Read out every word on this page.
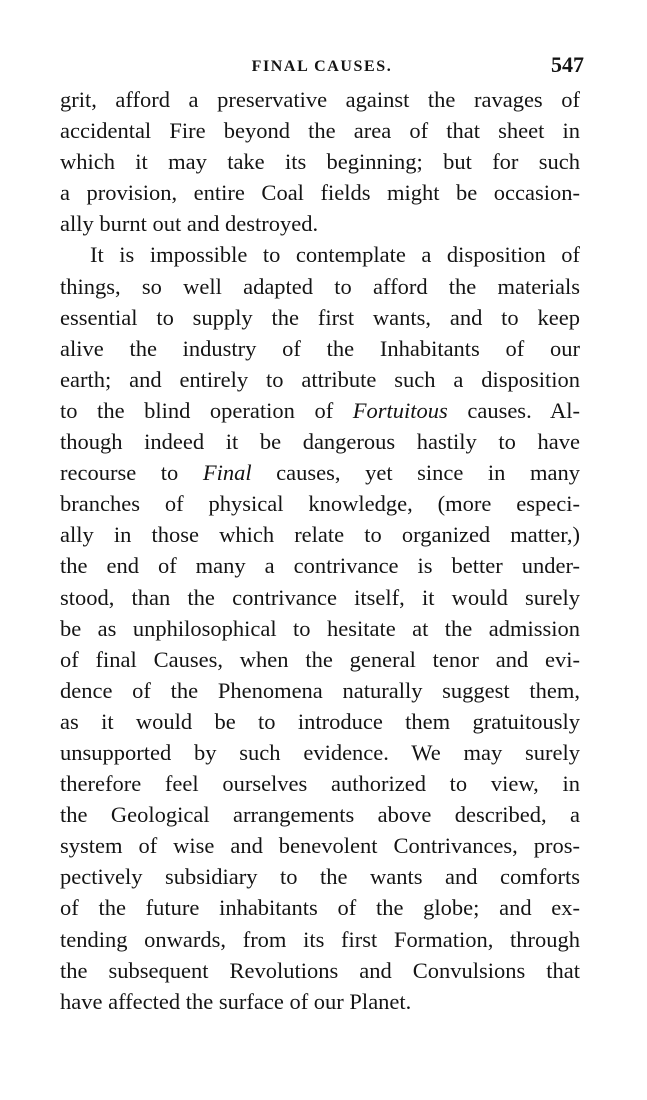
FINAL CAUSES.	547
grit, afford a preservative against the ravages of
accidental Fire beyond the area of that sheet in
which it may take its beginning; but for such
a provision, entire Coal fields might be occasion-
ally burnt out and destroyed.
It is impossible to contemplate a disposition of
things, so well adapted to afford the materials
essential to supply the first wants, and to keep
alive the industry of the Inhabitants of our
earth; and entirely to attribute such a disposition
to the blind operation of Fortuitous causes. Al-
though indeed it be dangerous hastily to have
recourse to Final causes, yet since in many
branches of physical knowledge, (more especi-
ally in those which relate to organized matter,)
the end of many a contrivance is better under-
stood, than the contrivance itself, it would surely
be as unphilosophical to hesitate at the admission
of final Causes, when the general tenor and evi-
dence of the Phenomena naturally suggest them,
as it would be to introduce them gratuitously
unsupported by such evidence. We may surely
therefore feel ourselves authorized to view, in
the Geological arrangements above described, a
system of wise and benevolent Contrivances, pros-
pectively subsidiary to the wants and comforts
of the future inhabitants of the globe; and ex-
tending onwards, from its first Formation, through
the subsequent Revolutions and Convulsions that
have affected the surface of our Planet.
